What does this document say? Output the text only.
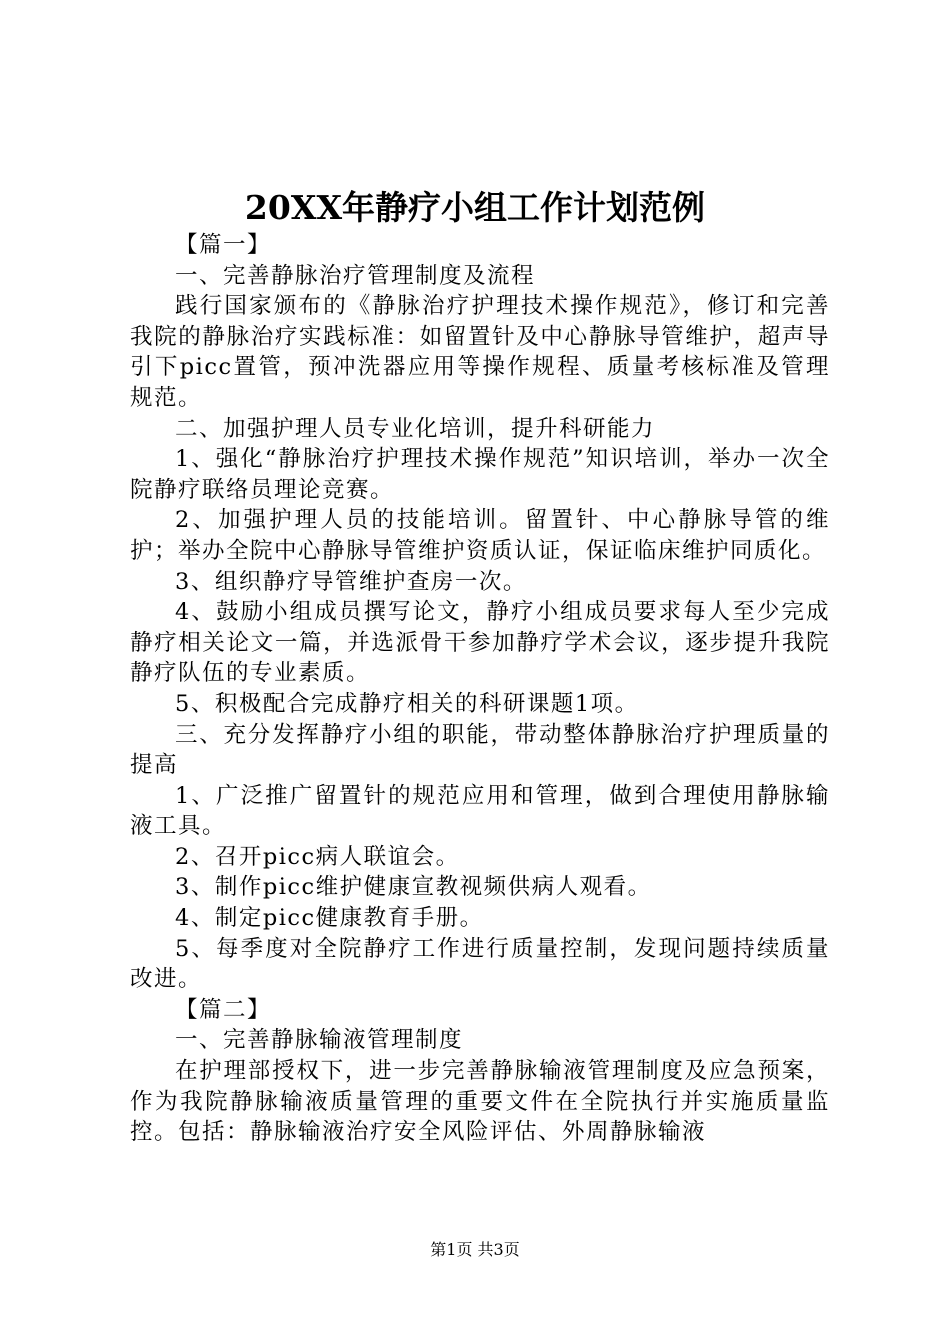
20XX年静疗小组工作计划范例

【篇一】

一、完善静脉治疗管理制度及流程

践行国家颁布的《静脉治疗护理技术操作规范》，修订和完善我院的静脉治疗实践标准：如留置针及中心静脉导管维护，超声导引下picc置管，预冲洗器应用等操作规程、质量考核标准及管理规范。

二、加强护理人员专业化培训，提升科研能力

1、强化“静脉治疗护理技术操作规范”知识培训，举办一次全院静疗联络员理论竞赛。

2、加强护理人员的技能培训。留置针、中心静脉导管的维护；举办全院中心静脉导管维护资质认证，保证临床维护同质化。

3、组织静疗导管维护查房一次。

4、鼓励小组成员撰写论文，静疗小组成员要求每人至少完成静疗相关论文一篇，并选派骨干参加静疗学术会议，逐步提升我院静疗队伍的专业素质。

5、积极配合完成静疗相关的科研课题1项。

三、充分发挥静疗小组的职能，带动整体静脉治疗护理质量的提高

1、广泛推广留置针的规范应用和管理，做到合理使用静脉输液工具。

2、召开picc病人联谊会。

3、制作picc维护健康宣教视频供病人观看。

4、制定picc健康教育手册。

5、每季度对全院静疗工作进行质量控制，发现问题持续质量改进。

【篇二】

一、完善静脉输液管理制度

在护理部授权下，进一步完善静脉输液管理制度及应急预案，作为我院静脉输液质量管理的重要文件在全院执行并实施质量监控。包括：静脉输液治疗安全风险评估、外周静脉输液

第1页 共3页
